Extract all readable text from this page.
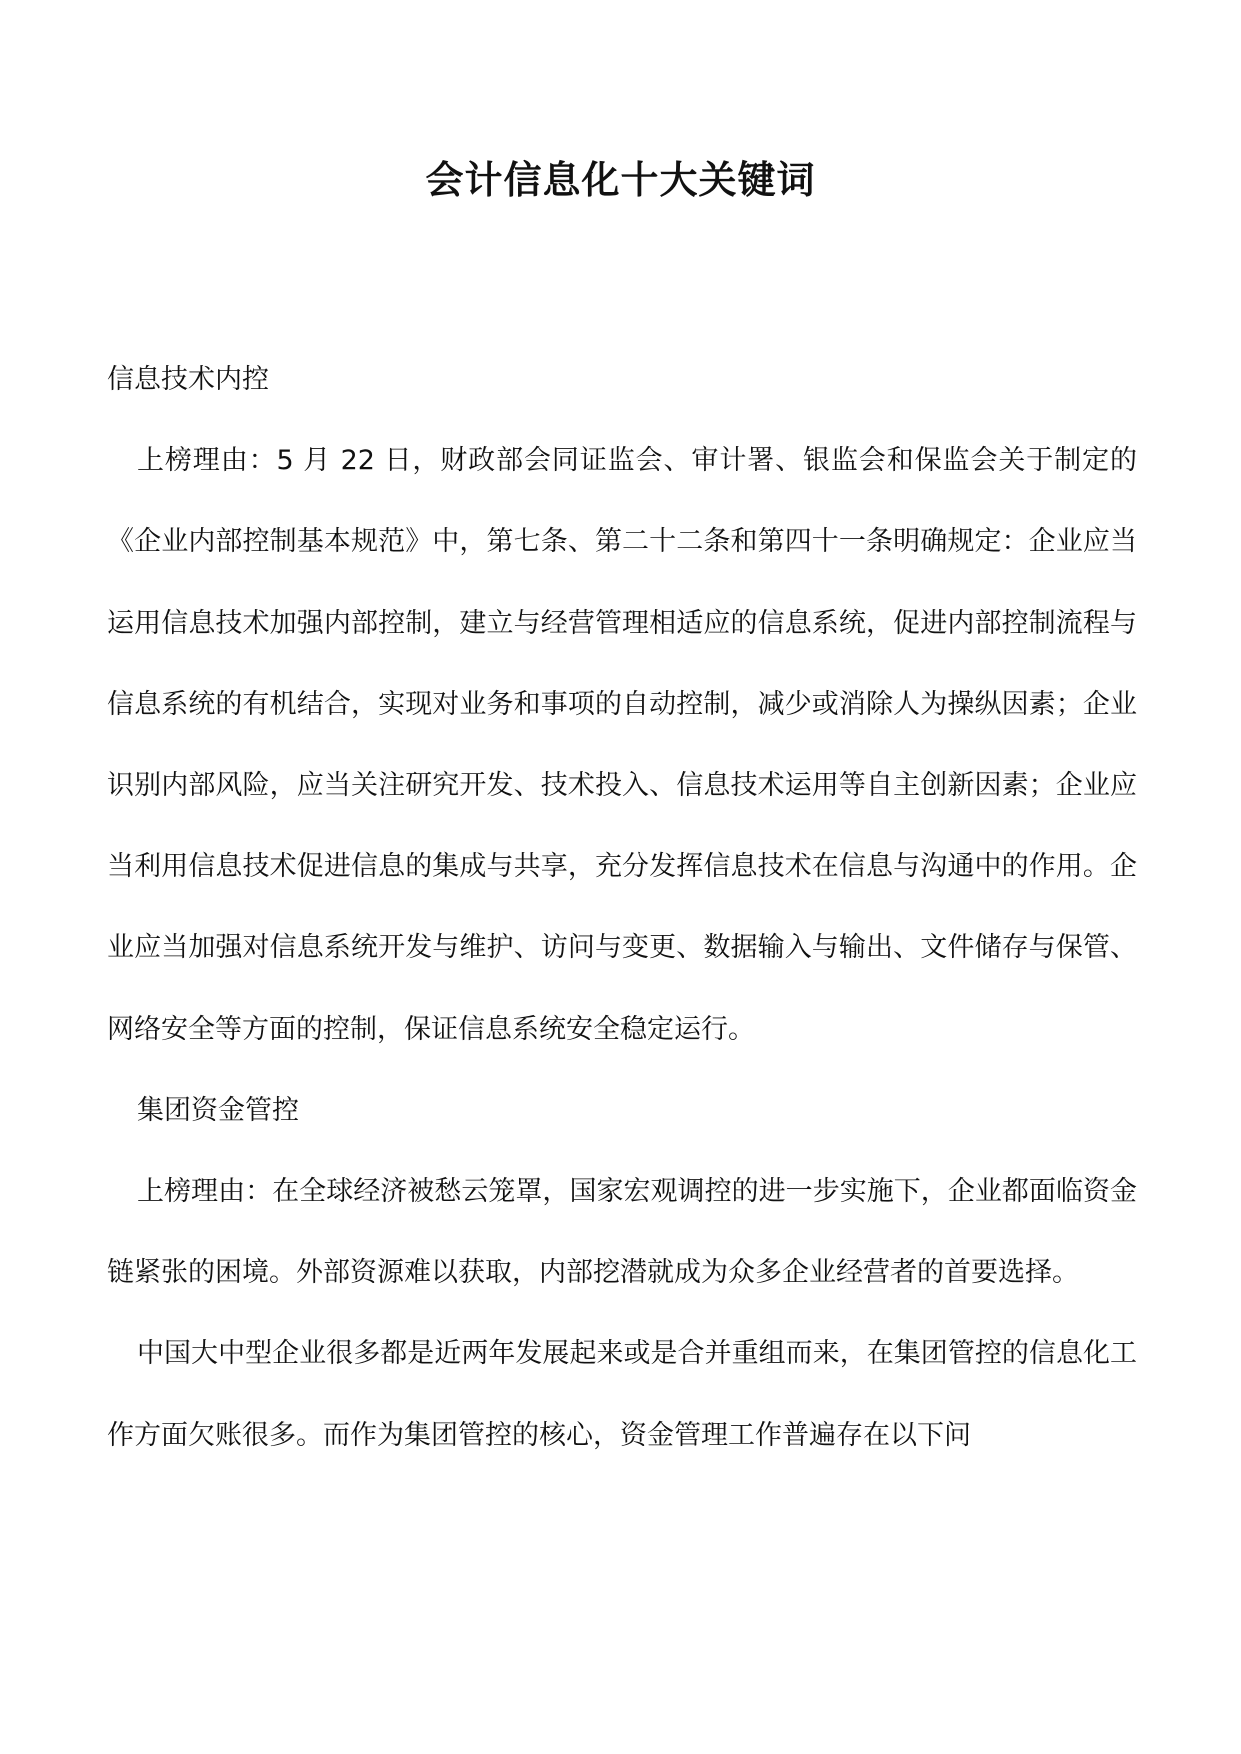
会计信息化十大关键词

信息技术内控

上榜理由：5 月 22 日，财政部会同证监会、审计署、银监会和保监会关于制定的《企业内部控制基本规范》中，第七条、第二十二条和第四十一条明确规定：企业应当运用信息技术加强内部控制，建立与经营管理相适应的信息系统，促进内部控制流程与信息系统的有机结合，实现对业务和事项的自动控制，减少或消除人为操纵因素；企业识别内部风险，应当关注研究开发、技术投入、信息技术运用等自主创新因素；企业应当利用信息技术促进信息的集成与共享，充分发挥信息技术在信息与沟通中的作用。企业应当加强对信息系统开发与维护、访问与变更、数据输入与输出、文件储存与保管、网络安全等方面的控制，保证信息系统安全稳定运行。

集团资金管控

上榜理由：在全球经济被愁云笼罩，国家宏观调控的进一步实施下，企业都面临资金链紧张的困境。外部资源难以获取，内部挖潜就成为众多企业经营者的首要选择。

中国大中型企业很多都是近两年发展起来或是合并重组而来，在集团管控的信息化工作方面欠账很多。而作为集团管控的核心，资金管理工作普遍存在以下问
